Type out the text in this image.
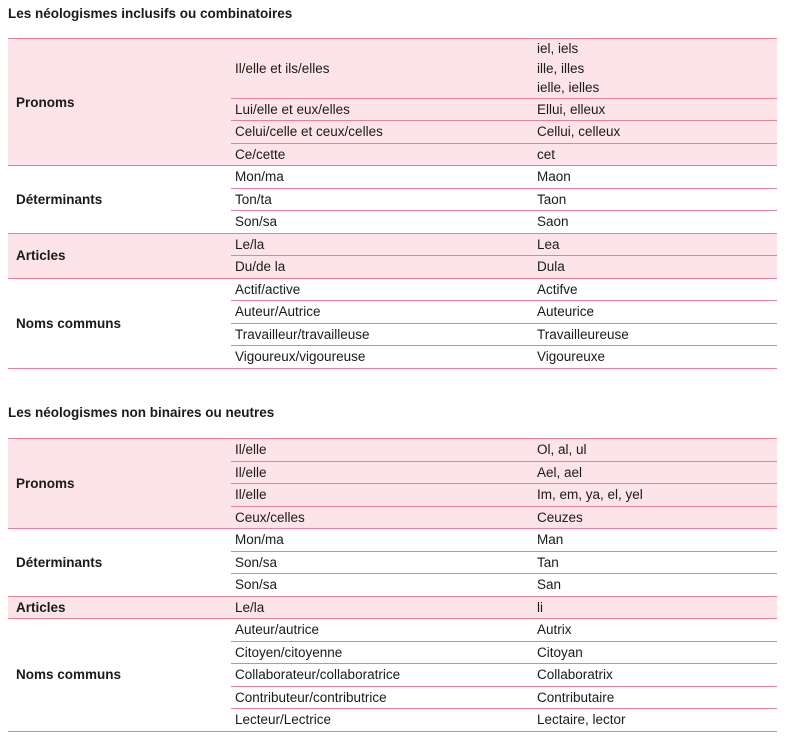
Les néologismes inclusifs ou combinatoires
Pronoms	Il/elle et ils/elles	iel, iels
ille, illes
ielle, ielles

	Lui/elle et eux/elles	Ellui, elleux
	Celui/celle et ceux/celles	Cellui, celleux
	Ce/cette	cet
Déterminants	Mon/ma	Maon
	Ton/ta	Taon
	Son/sa	Saon
Articles	Le/la	Lea
	Du/de la	Dula
Noms communs	Actif/active	Actifve
	Auteur/Autrice	Auteurice
	Travailleur/travailleuse	Travailleureuse
	Vigoureux/vigoureuse	Vigoureuxe
Les néologismes non binaires ou neutres
Pronoms	Il/elle	Ol, al, ul
	Il/elle	Ael, ael
	Il/elle	Im, em, ya, el, yel
	Ceux/celles	Ceuzes
Déterminants	Mon/ma	Man
	Son/sa	Tan
	Son/sa	San
Articles	Le/la	li
Noms communs	Auteur/autrice	Autrix
	Citoyen/citoyenne	Citoyan
	Collaborateur/collaboratrice	Collaboratrix
	Contributeur/contributrice	Contributaire
	Lecteur/Lectrice	Lectaire, lector
